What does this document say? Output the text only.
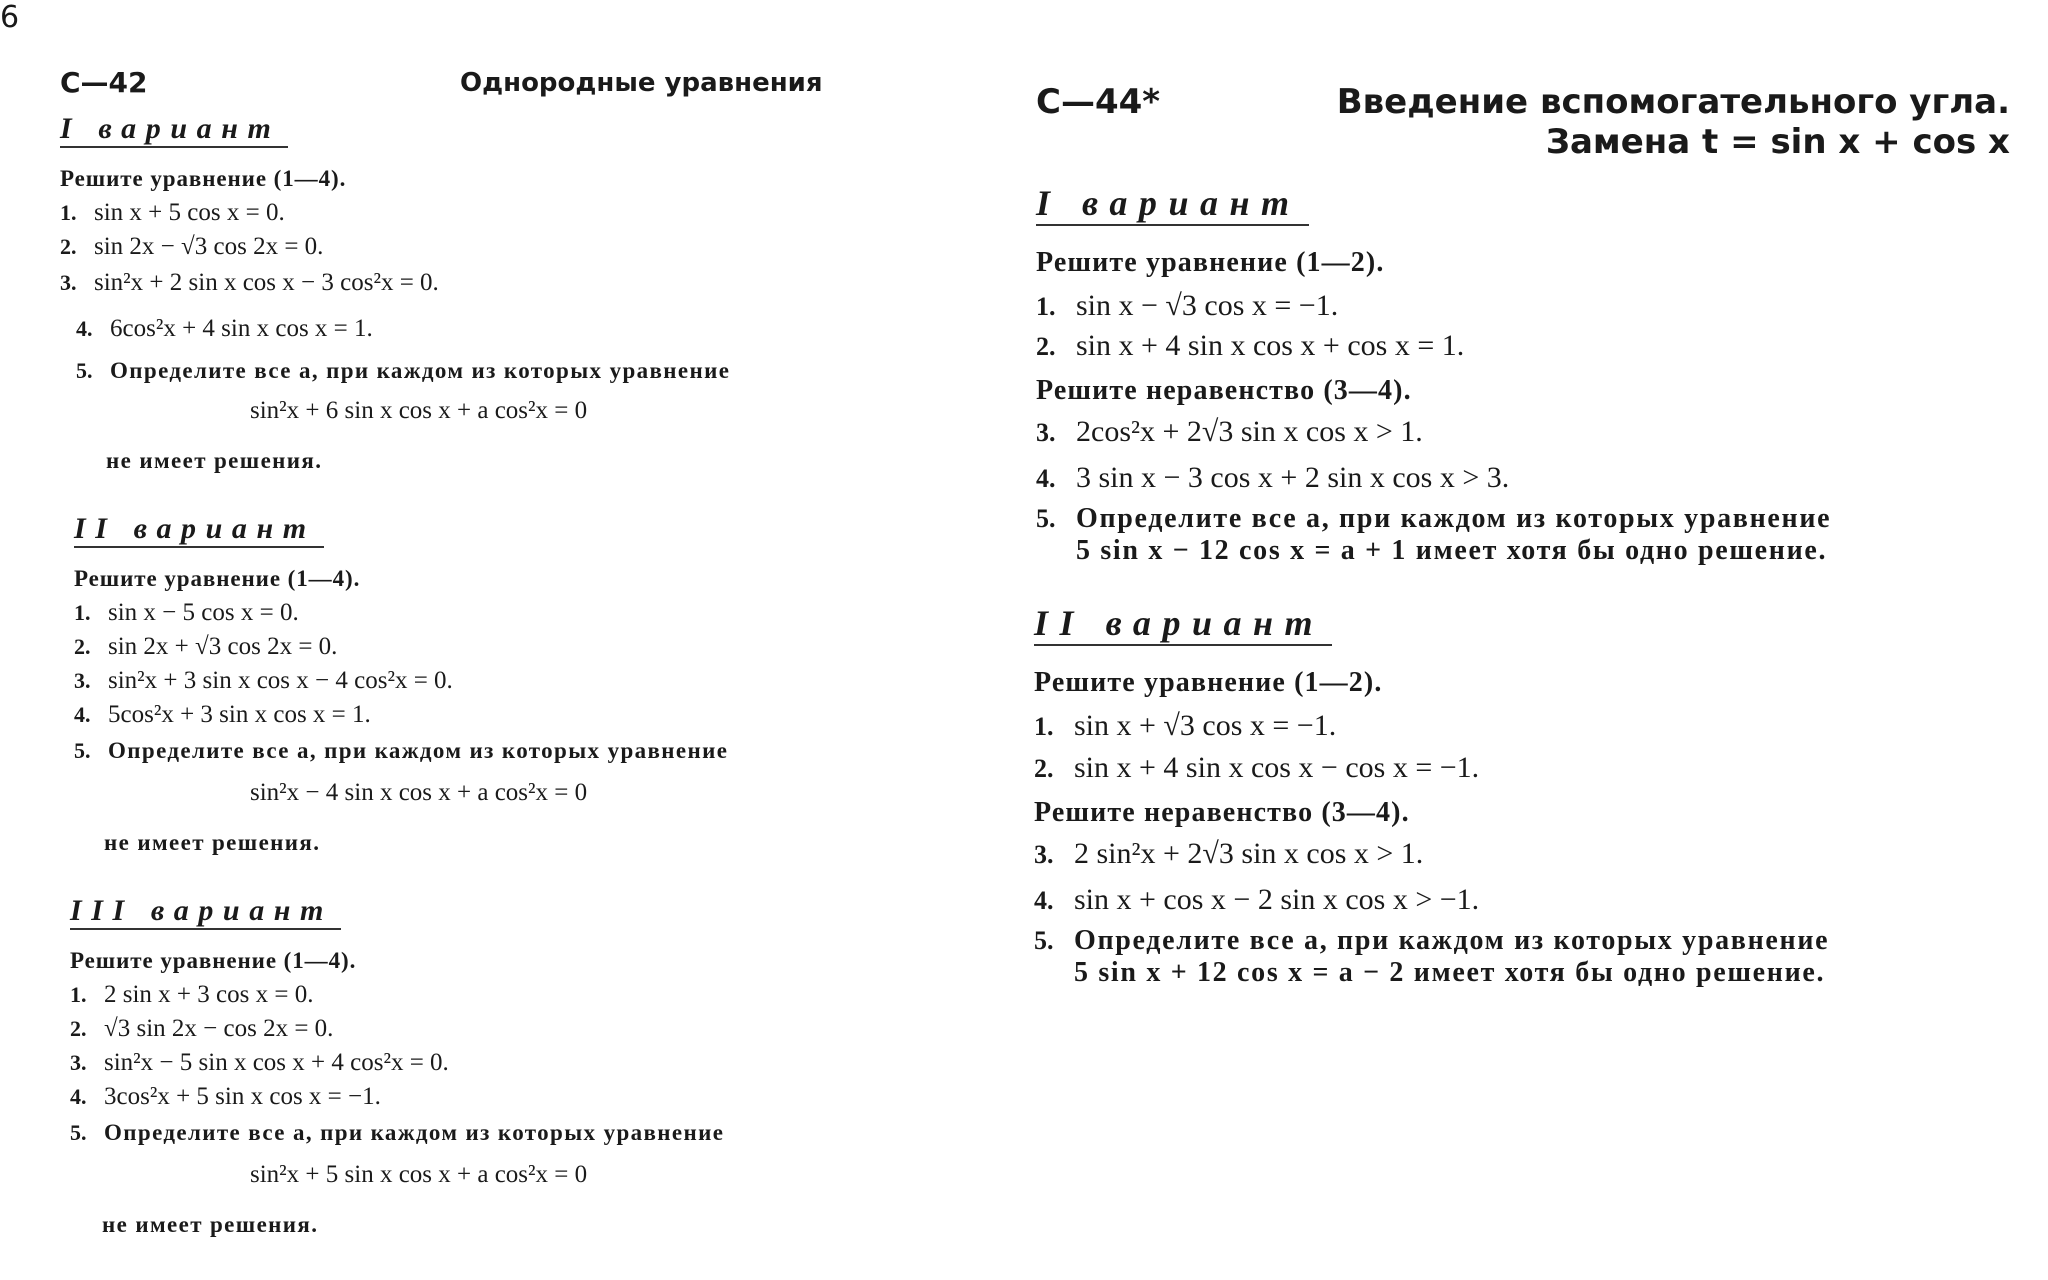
6
С—42	Однородные уравнения
I вариант
Решите уравнение (1—4).
1. sin x + 5 cos x = 0.
2. sin 2x − √3 cos 2x = 0.
3. sin²x + 2 sin x cos x − 3 cos²x = 0.
4. 6cos²x + 4 sin x cos x = 1.
5. Определите все a, при каждом из которых уравнение
sin²x + 6 sin x cos x + a cos²x = 0
не имеет решения.
II вариант
Решите уравнение (1—4).
1. sin x − 5 cos x = 0.
2. sin 2x + √3 cos 2x = 0.
3. sin²x + 3 sin x cos x − 4 cos²x = 0.
4. 5cos²x + 3 sin x cos x = 1.
5. Определите все a, при каждом из которых уравнение
sin²x − 4 sin x cos x + a cos²x = 0
не имеет решения.
III вариант
Решите уравнение (1—4).
1. 2 sin x + 3 cos x = 0.
2. √3 sin 2x − cos 2x = 0.
3. sin²x − 5 sin x cos x + 4 cos²x = 0.
4. 3cos²x + 5 sin x cos x = −1.
5. Определите все a, при каждом из которых уравнение
sin²x + 5 sin x cos x + a cos²x = 0
не имеет решения.
С—44*	Введение вспомогательного угла.
Замена t = sin x + cos x
I вариант
Решите уравнение (1—2).
1. sin x − √3 cos x = −1.
2. sin x + 4 sin x cos x + cos x = 1.
Решите неравенство (3—4).
3. 2cos²x + 2√3 sin x cos x > 1.
4. 3 sin x − 3 cos x + 2 sin x cos x > 3.
5. Определите все a, при каждом из которых уравнение
5 sin x − 12 cos x = a + 1 имеет хотя бы одно решение.
II вариант
Решите уравнение (1—2).
1. sin x + √3 cos x = −1.
2. sin x + 4 sin x cos x − cos x = −1.
Решите неравенство (3—4).
3. 2 sin²x + 2√3 sin x cos x > 1.
4. sin x + cos x − 2 sin x cos x > −1.
5. Определите все a, при каждом из которых уравнение
5 sin x + 12 cos x = a − 2 имеет хотя бы одно решение.
